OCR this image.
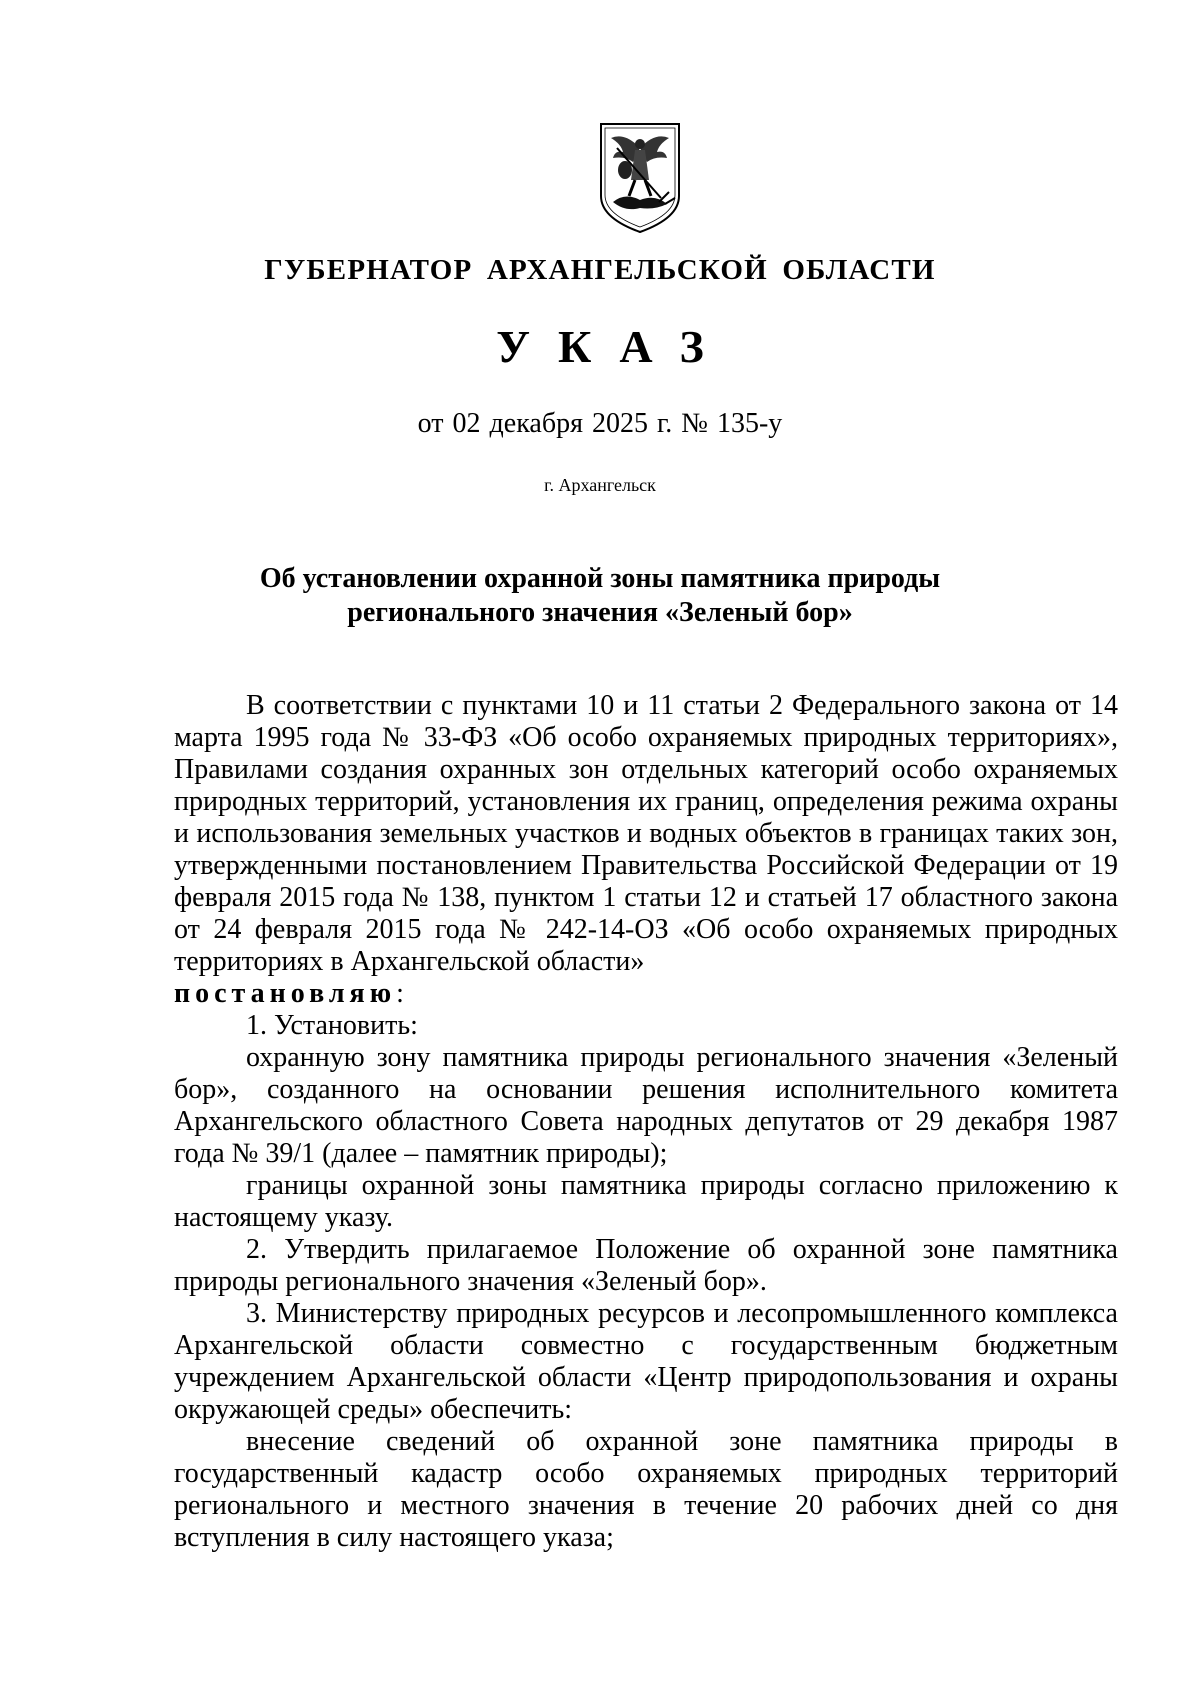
ГУБЕРНАТОР АРХАНГЕЛЬСКОЙ ОБЛАСТИ
УКАЗ
от 02 декабря 2025 г. № 135-у
г. Архангельск
Об установлении охранной зоны памятника природы
регионального значения «Зеленый бор»

В соответствии с пунктами 10 и 11 статьи 2 Федерального закона от 14 марта 1995 года № 33-ФЗ «Об особо охраняемых природных территориях», Правилами создания охранных зон отдельных категорий особо охраняемых природных территорий, установления их границ, определения режима охраны и использования земельных участков и водных объектов в границах таких зон, утвержденными постановлением Правительства Российской Федерации от 19 февраля 2015 года № 138, пунктом 1 статьи 12 и статьей 17 областного закона от 24 февраля 2015 года № 242-14-ОЗ «Об особо охраняемых природных территориях в Архангельской области»

постановляю:

1. Установить:

охранную зону памятника природы регионального значения «Зеленый бор», созданного на основании решения исполнительного комитета Архангельского областного Совета народных депутатов от 29 декабря 1987 года № 39/1 (далее – памятник природы);

границы охранной зоны памятника природы согласно приложению к настоящему указу.

2. Утвердить прилагаемое Положение об охранной зоне памятника природы регионального значения «Зеленый бор».

3. Министерству природных ресурсов и лесопромышленного комплекса Архангельской области совместно с государственным бюджетным учреждением Архангельской области «Центр природопользования и охраны окружающей среды» обеспечить:

внесение сведений об охранной зоне памятника природы в государственный кадастр особо охраняемых природных территорий регионального и местного значения в течение 20 рабочих дней со дня вступления в силу настоящего указа;
